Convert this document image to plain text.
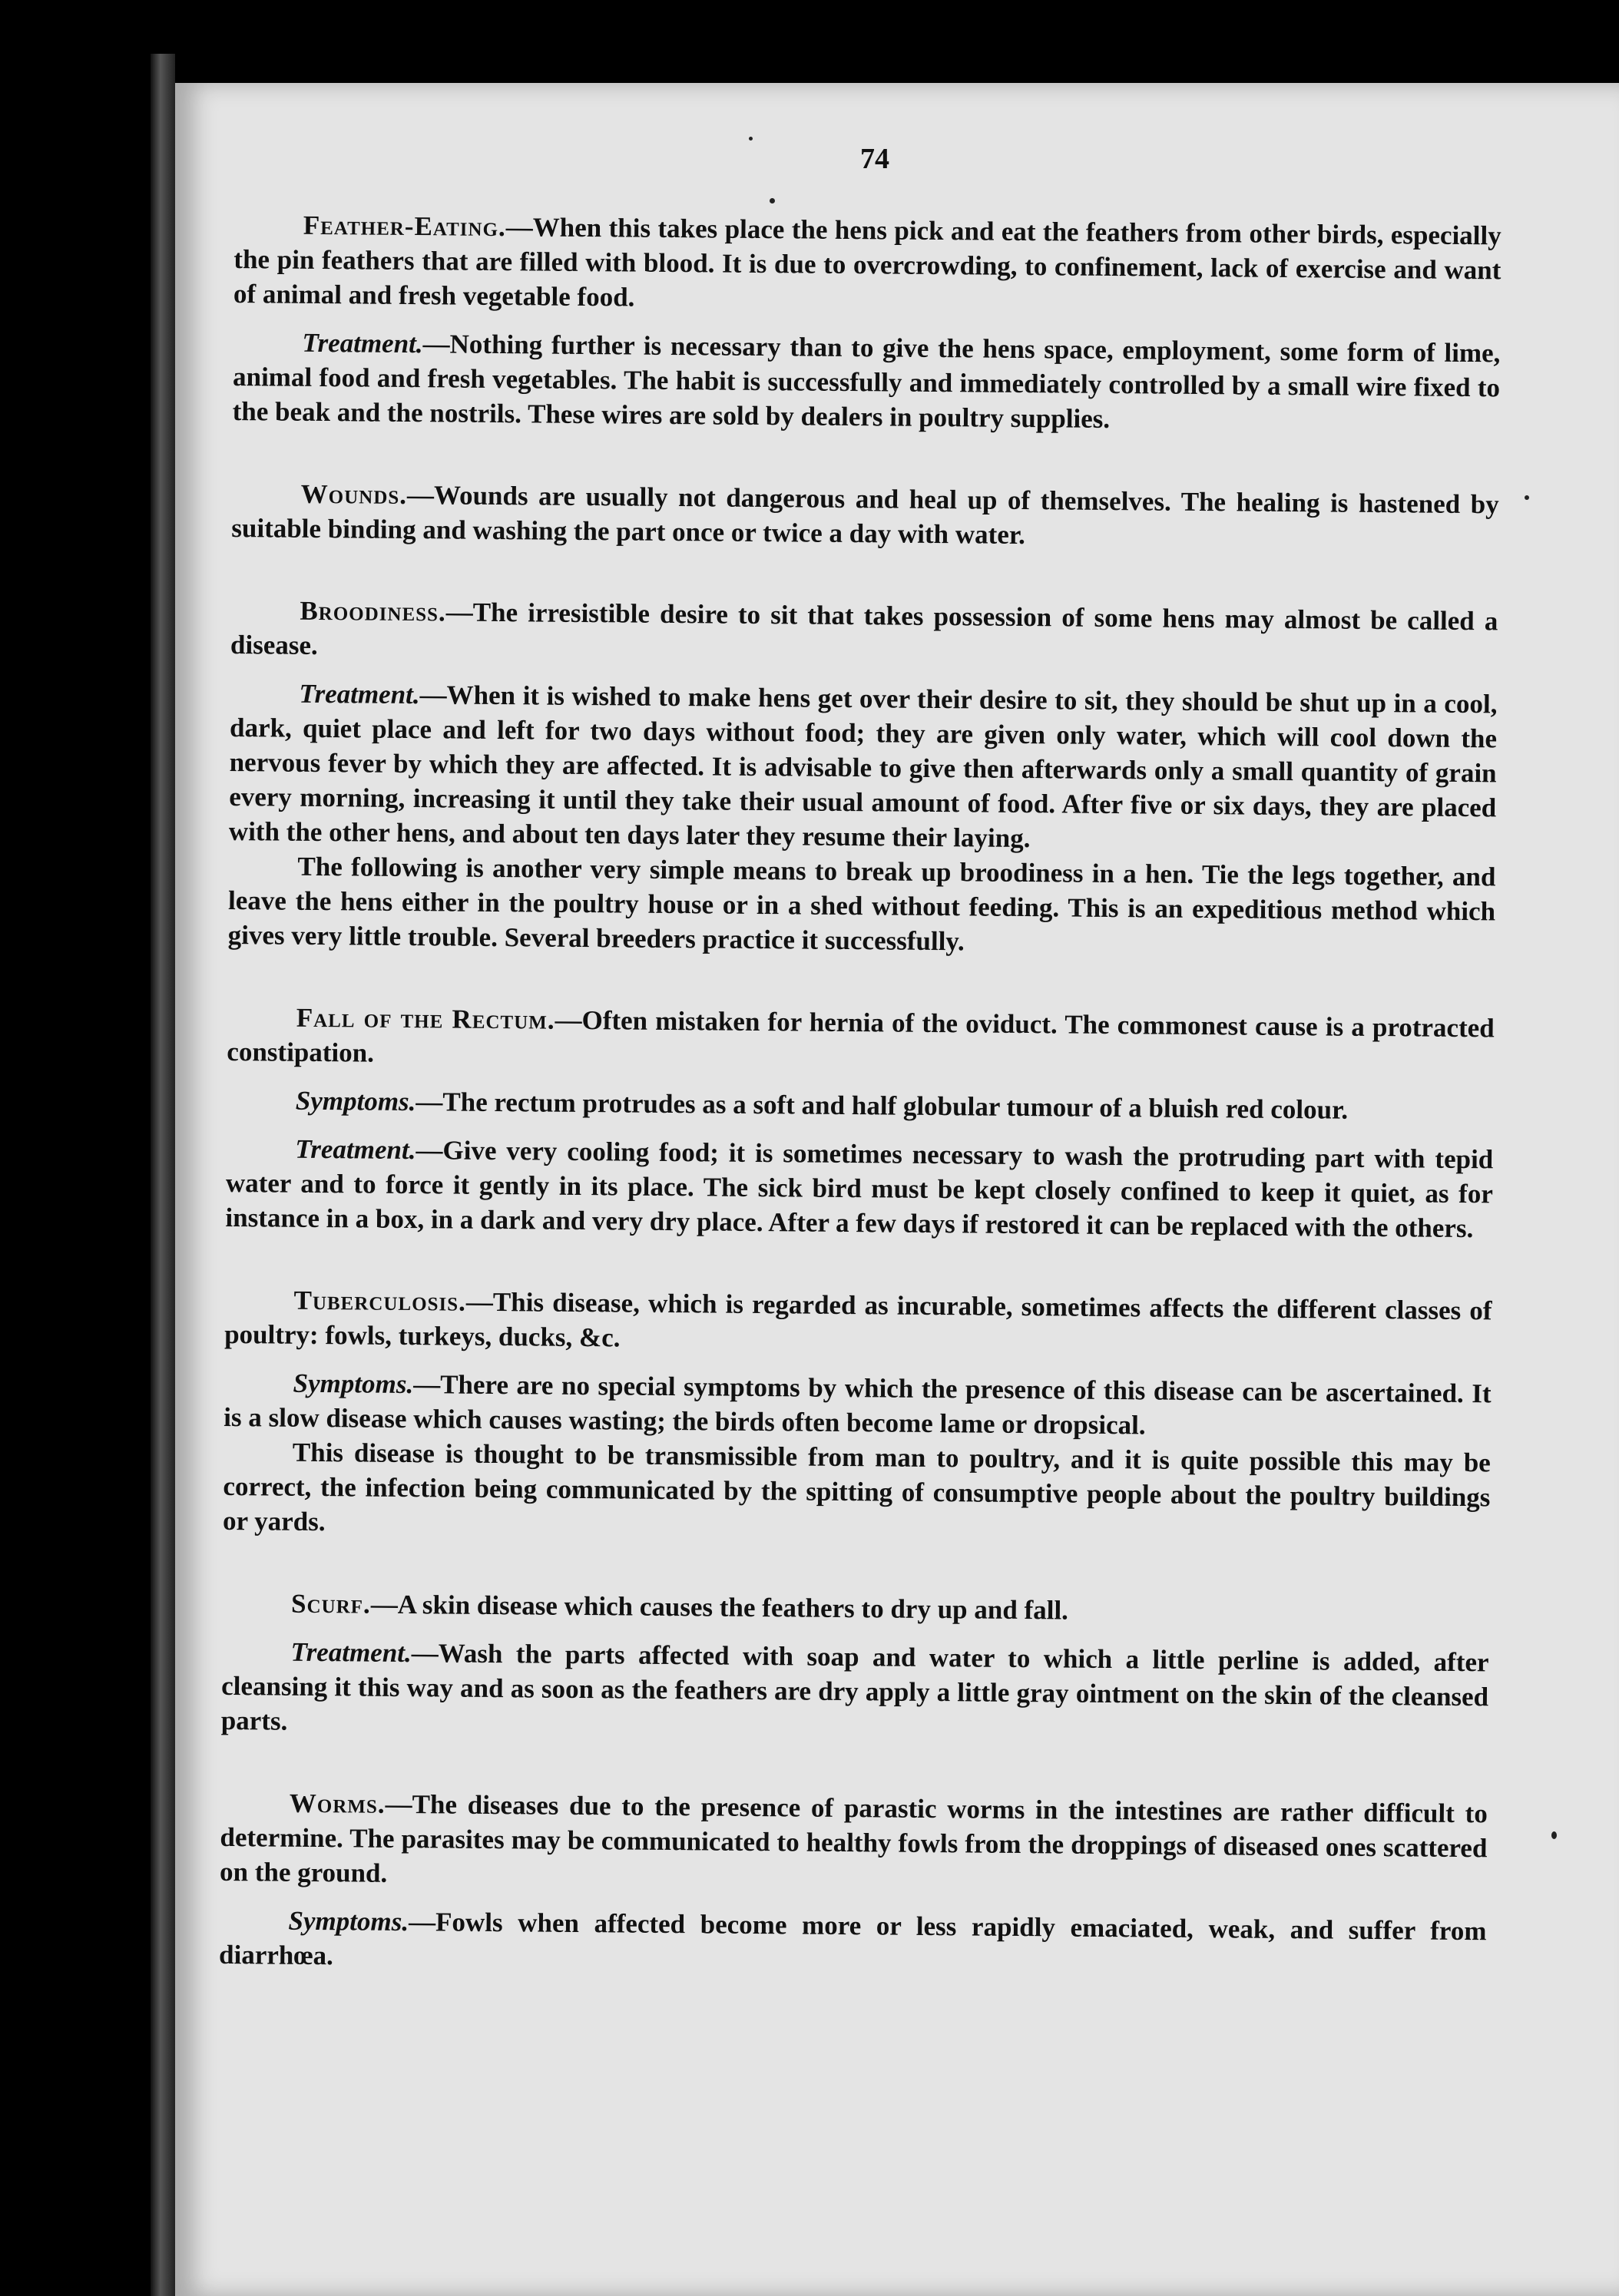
74

Feather-Eating.—When this takes place the hens pick and eat the feathers from other birds, especially the pin feathers that are filled with blood. It is due to overcrowding, to confinement, lack of exercise and want of animal and fresh vegetable food.

Treatment.—Nothing further is necessary than to give the hens space, employment, some form of lime, animal food and fresh vegetables. The habit is successfully and immediately controlled by a small wire fixed to the beak and the nostrils. These wires are sold by dealers in poultry supplies.

Wounds.—Wounds are usually not dangerous and heal up of themselves. The healing is hastened by suitable binding and washing the part once or twice a day with water.

Broodiness.—The irresistible desire to sit that takes possession of some hens may almost be called a disease.

Treatment.—When it is wished to make hens get over their desire to sit, they should be shut up in a cool, dark, quiet place and left for two days without food; they are given only water, which will cool down the nervous fever by which they are affected. It is advisable to give then afterwards only a small quantity of grain every morning, increasing it until they take their usual amount of food. After five or six days, they are placed with the other hens, and about ten days later they resume their laying.

The following is another very simple means to break up broodiness in a hen. Tie the legs together, and leave the hens either in the poultry house or in a shed without feeding. This is an expeditious method which gives very little trouble. Several breeders practice it successfully.

Fall of the Rectum.—Often mistaken for hernia of the oviduct. The commonest cause is a protracted constipation.

Symptoms.—The rectum protrudes as a soft and half globular tumour of a bluish red colour.

Treatment.—Give very cooling food; it is sometimes necessary to wash the protruding part with tepid water and to force it gently in its place. The sick bird must be kept closely confined to keep it quiet, as for instance in a box, in a dark and very dry place. After a few days if restored it can be replaced with the others.

Tuberculosis.—This disease, which is regarded as incurable, sometimes affects the different classes of poultry: fowls, turkeys, ducks, &c.

Symptoms.—There are no special symptoms by which the presence of this disease can be ascertained. It is a slow disease which causes wasting; the birds often become lame or dropsical.

This disease is thought to be transmissible from man to poultry, and it is quite possible this may be correct, the infection being communicated by the spitting of consumptive people about the poultry buildings or yards.

Scurf.—A skin disease which causes the feathers to dry up and fall.

Treatment.—Wash the parts affected with soap and water to which a little perline is added, after cleansing it this way and as soon as the feathers are dry apply a little gray ointment on the skin of the cleansed parts.

Worms.—The diseases due to the presence of parastic worms in the intestines are rather difficult to determine. The parasites may be communicated to healthy fowls from the droppings of diseased ones scattered on the ground.

Symptoms.—Fowls when affected become more or less rapidly emaciated, weak, and suffer from diarrhœa.
